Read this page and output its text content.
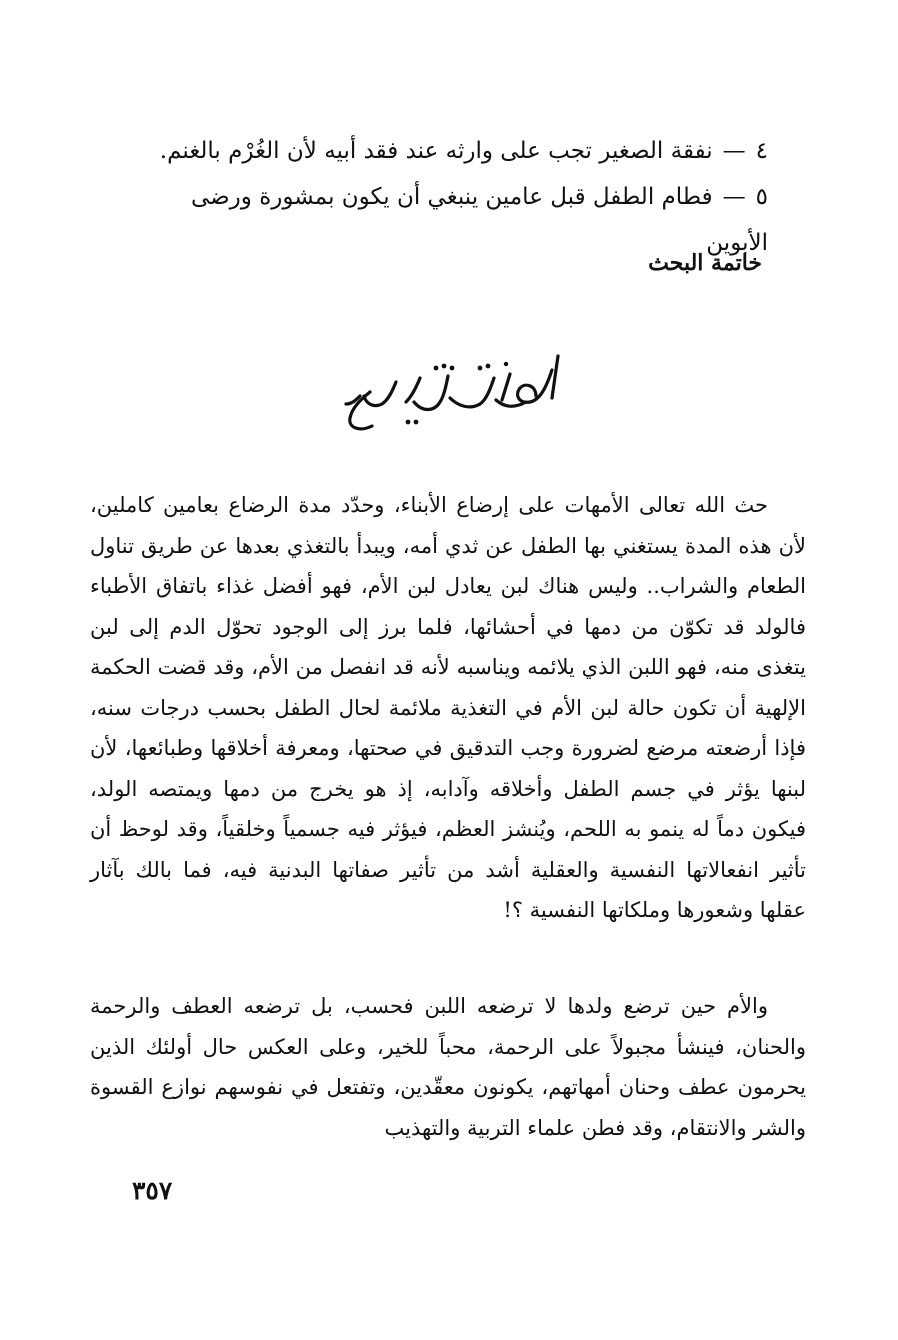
٤—نفقة الصغير تجب على وارثه عند فقد أبيه لأن الغُرْم بالغنم.
٥—فطام الطفل قبل عامين ينبغي أن يكون بمشورة ورضى الأبوين

خاتمة البحث

حث الله تعالى الأمهات على إرضاع الأبناء، وحدّد مدة الرضاع بعامين كاملين، لأن هذه المدة يستغني بها الطفل عن ثدي أمه، ويبدأ بالتغذي بعدها عن طريق تناول الطعام والشراب.. وليس هناك لبن يعادل لبن الأم، فهو أفضل غذاء باتفاق الأطباء فالولد قد تكوّن من دمها في أحشائها، فلما برز إلى الوجود تحوّل الدم إلى لبن يتغذى منه، فهو اللبن الذي يلائمه ويناسبه لأنه قد انفصل من الأم، وقد قضت الحكمة الإلهية أن تكون حالة لبن الأم في التغذية ملائمة لحال الطفل بحسب درجات سنه، فإذا أرضعته مرضع لضرورة وجب التدقيق في صحتها، ومعرفة أخلاقها وطبائعها، لأن لبنها يؤثر في جسم الطفل وأخلاقه وآدابه، إذ هو يخرج من دمها ويمتصه الولد، فيكون دماً له ينمو به اللحم، ويُنشز العظم، فيؤثر فيه جسمياً وخلقياً، وقد لوحظ أن تأثير انفعالاتها النفسية والعقلية أشد من تأثير صفاتها البدنية فيه، فما بالك بآثار عقلها وشعورها وملكاتها النفسية ؟!

والأم حين ترضع ولدها لا ترضعه اللبن فحسب، بل ترضعه العطف والرحمة والحنان، فينشأ مجبولاً على الرحمة، محباً للخير، وعلى العكس حال أولئك الذين يحرمون عطف وحنان أمهاتهم، يكونون معقّدين، وتفتعل في نفوسهم نوازع القسوة والشر والانتقام، وقد فطن علماء التربية والتهذيب

٣٥٧
